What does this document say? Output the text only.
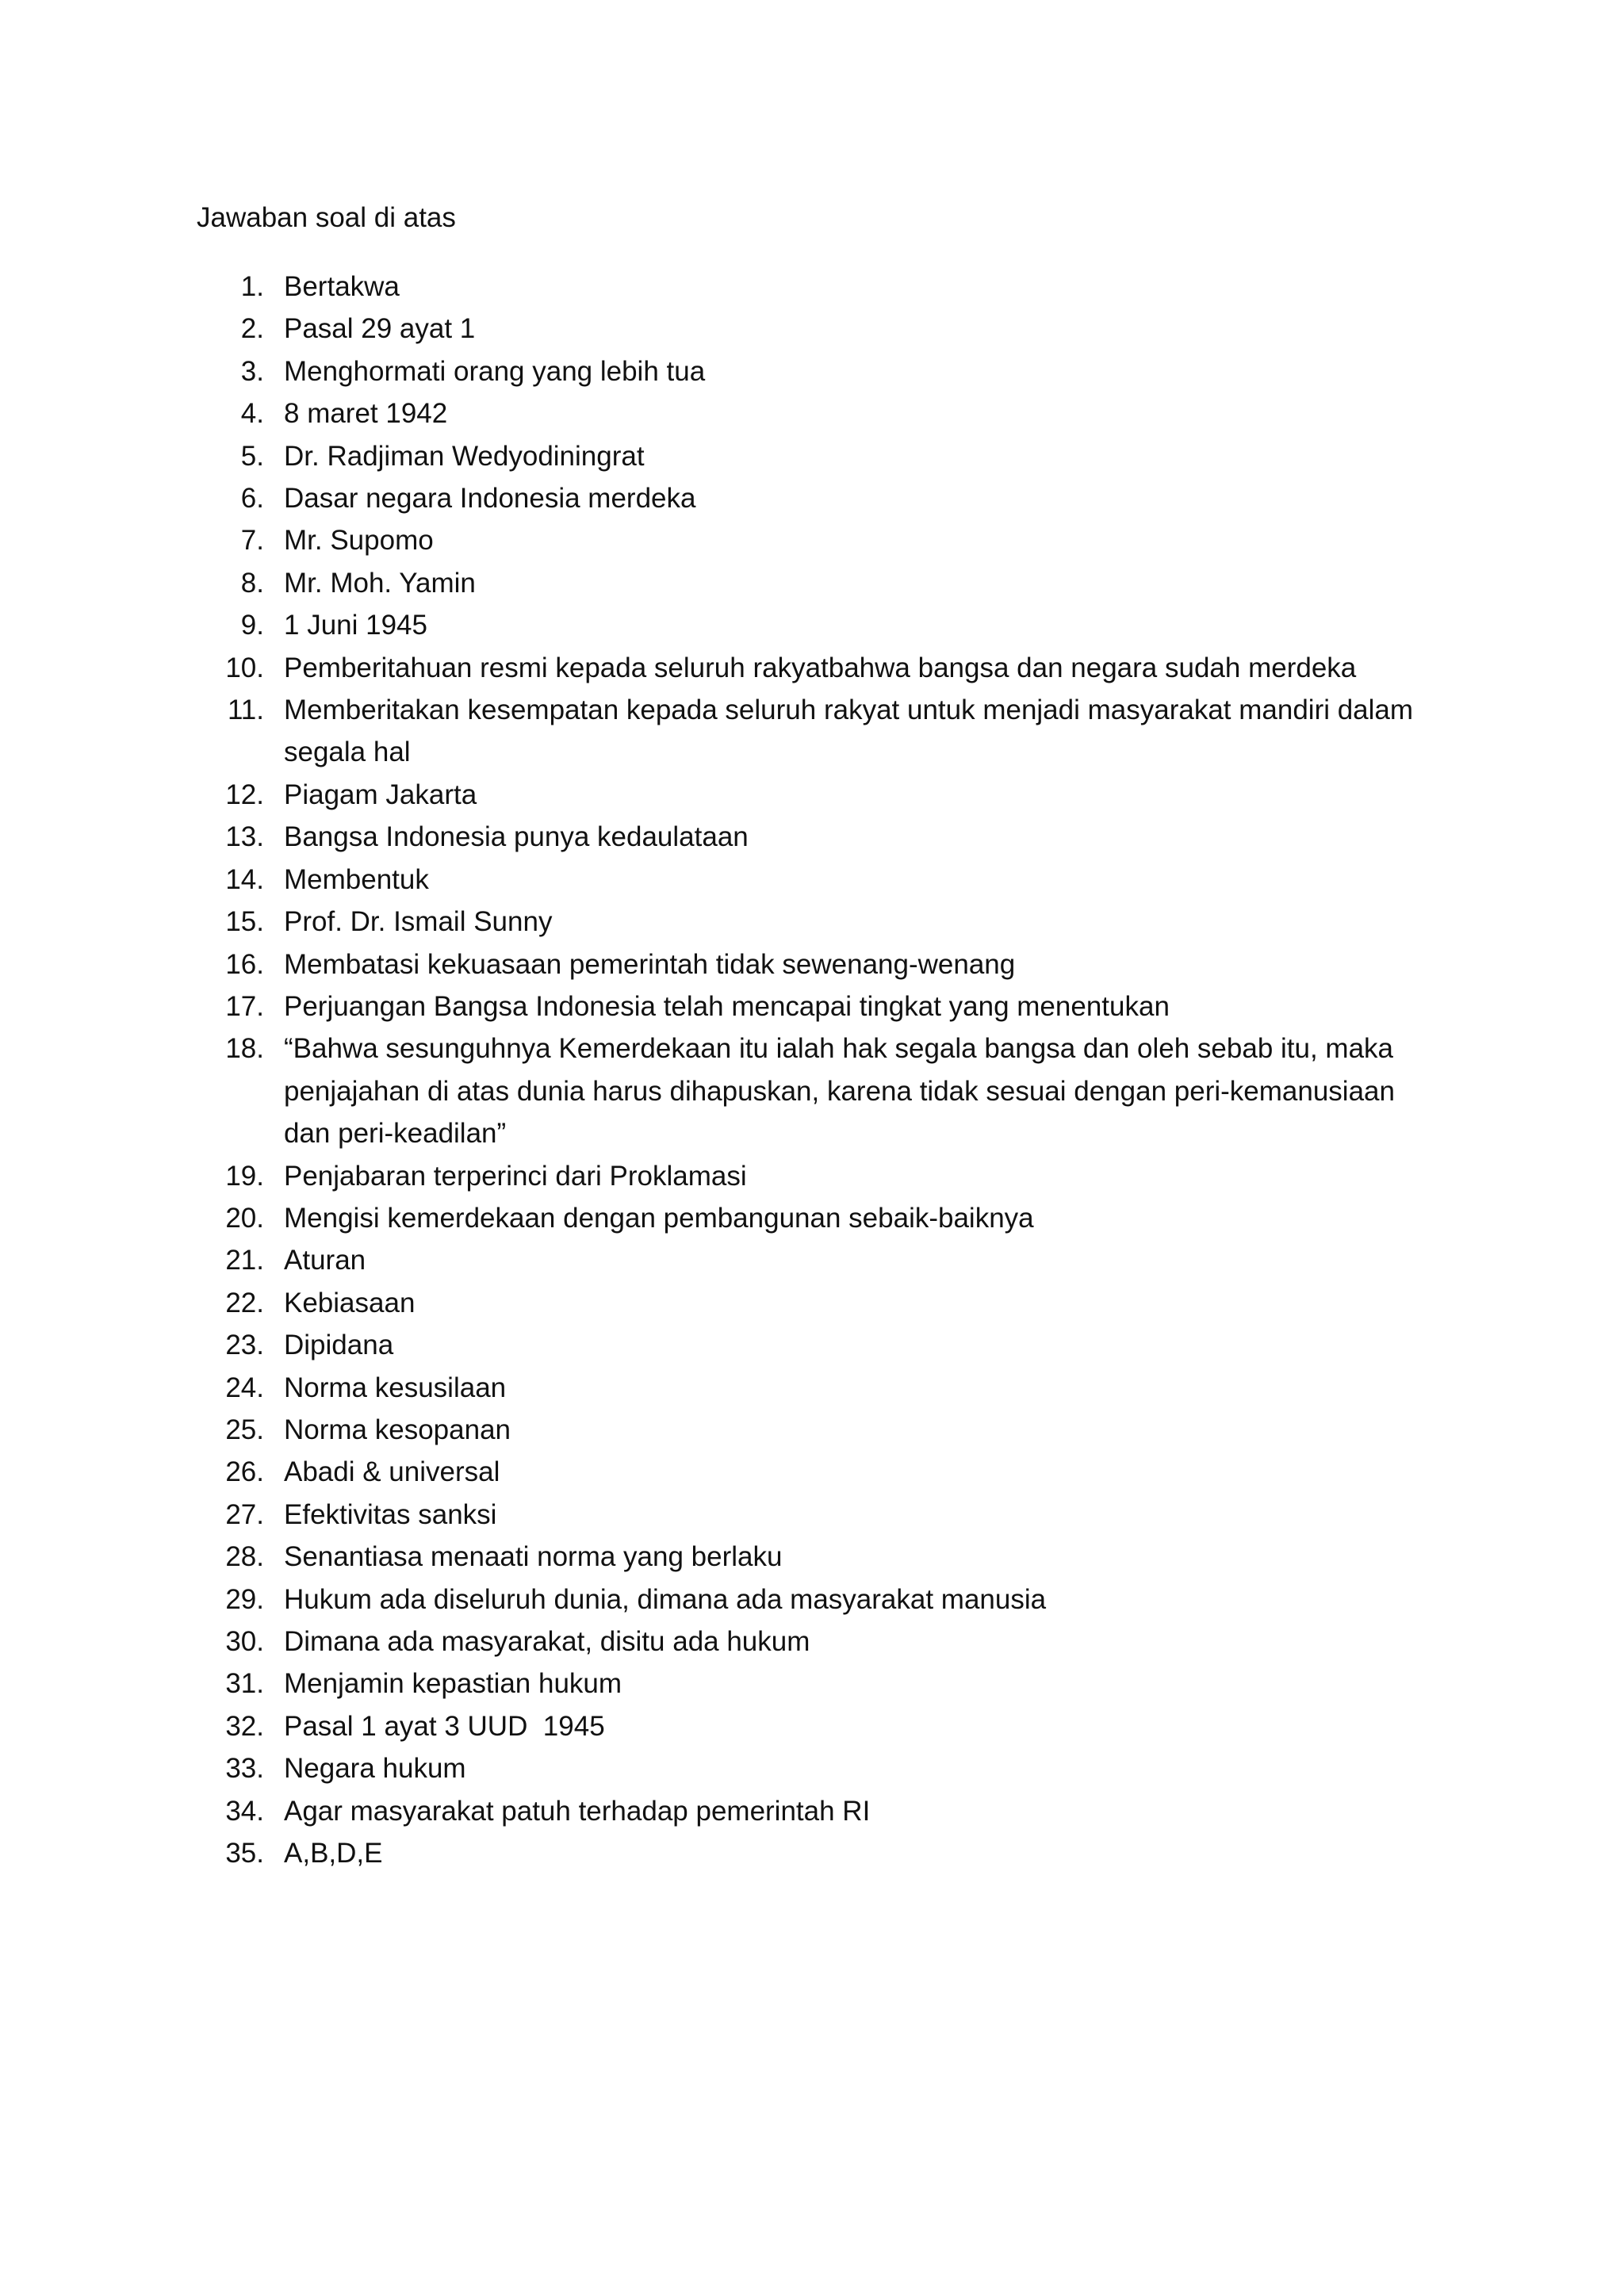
Jawaban soal di atas
1. Bertakwa
2. Pasal 29 ayat 1
3. Menghormati orang yang lebih tua
4. 8 maret 1942
5. Dr. Radjiman Wedyodiningrat
6. Dasar negara Indonesia merdeka
7. Mr. Supomo
8. Mr. Moh. Yamin
9. 1 Juni 1945
10. Pemberitahuan resmi kepada seluruh rakyatbahwa bangsa dan negara sudah merdeka
11. Memberitakan kesempatan kepada seluruh rakyat untuk menjadi masyarakat mandiri dalam segala hal
12. Piagam Jakarta
13. Bangsa Indonesia punya kedaulataan
14. Membentuk
15. Prof. Dr. Ismail Sunny
16. Membatasi kekuasaan pemerintah tidak sewenang-wenang
17. Perjuangan Bangsa Indonesia telah mencapai tingkat yang menentukan
18. “Bahwa sesunguhnya Kemerdekaan itu ialah hak segala bangsa dan oleh sebab itu, maka penjajahan di atas dunia harus dihapuskan, karena tidak sesuai dengan peri-kemanusiaan dan peri-keadilan”
19. Penjabaran terperinci dari Proklamasi
20. Mengisi kemerdekaan dengan pembangunan sebaik-baiknya
21. Aturan
22. Kebiasaan
23. Dipidana
24. Norma kesusilaan
25. Norma kesopanan
26. Abadi & universal
27. Efektivitas sanksi
28. Senantiasa menaati norma yang berlaku
29. Hukum ada diseluruh dunia, dimana ada masyarakat manusia
30. Dimana ada masyarakat, disitu ada hukum
31. Menjamin kepastian hukum
32. Pasal 1 ayat 3 UUD  1945
33. Negara hukum
34. Agar masyarakat patuh terhadap pemerintah RI
35. A,B,D,E
